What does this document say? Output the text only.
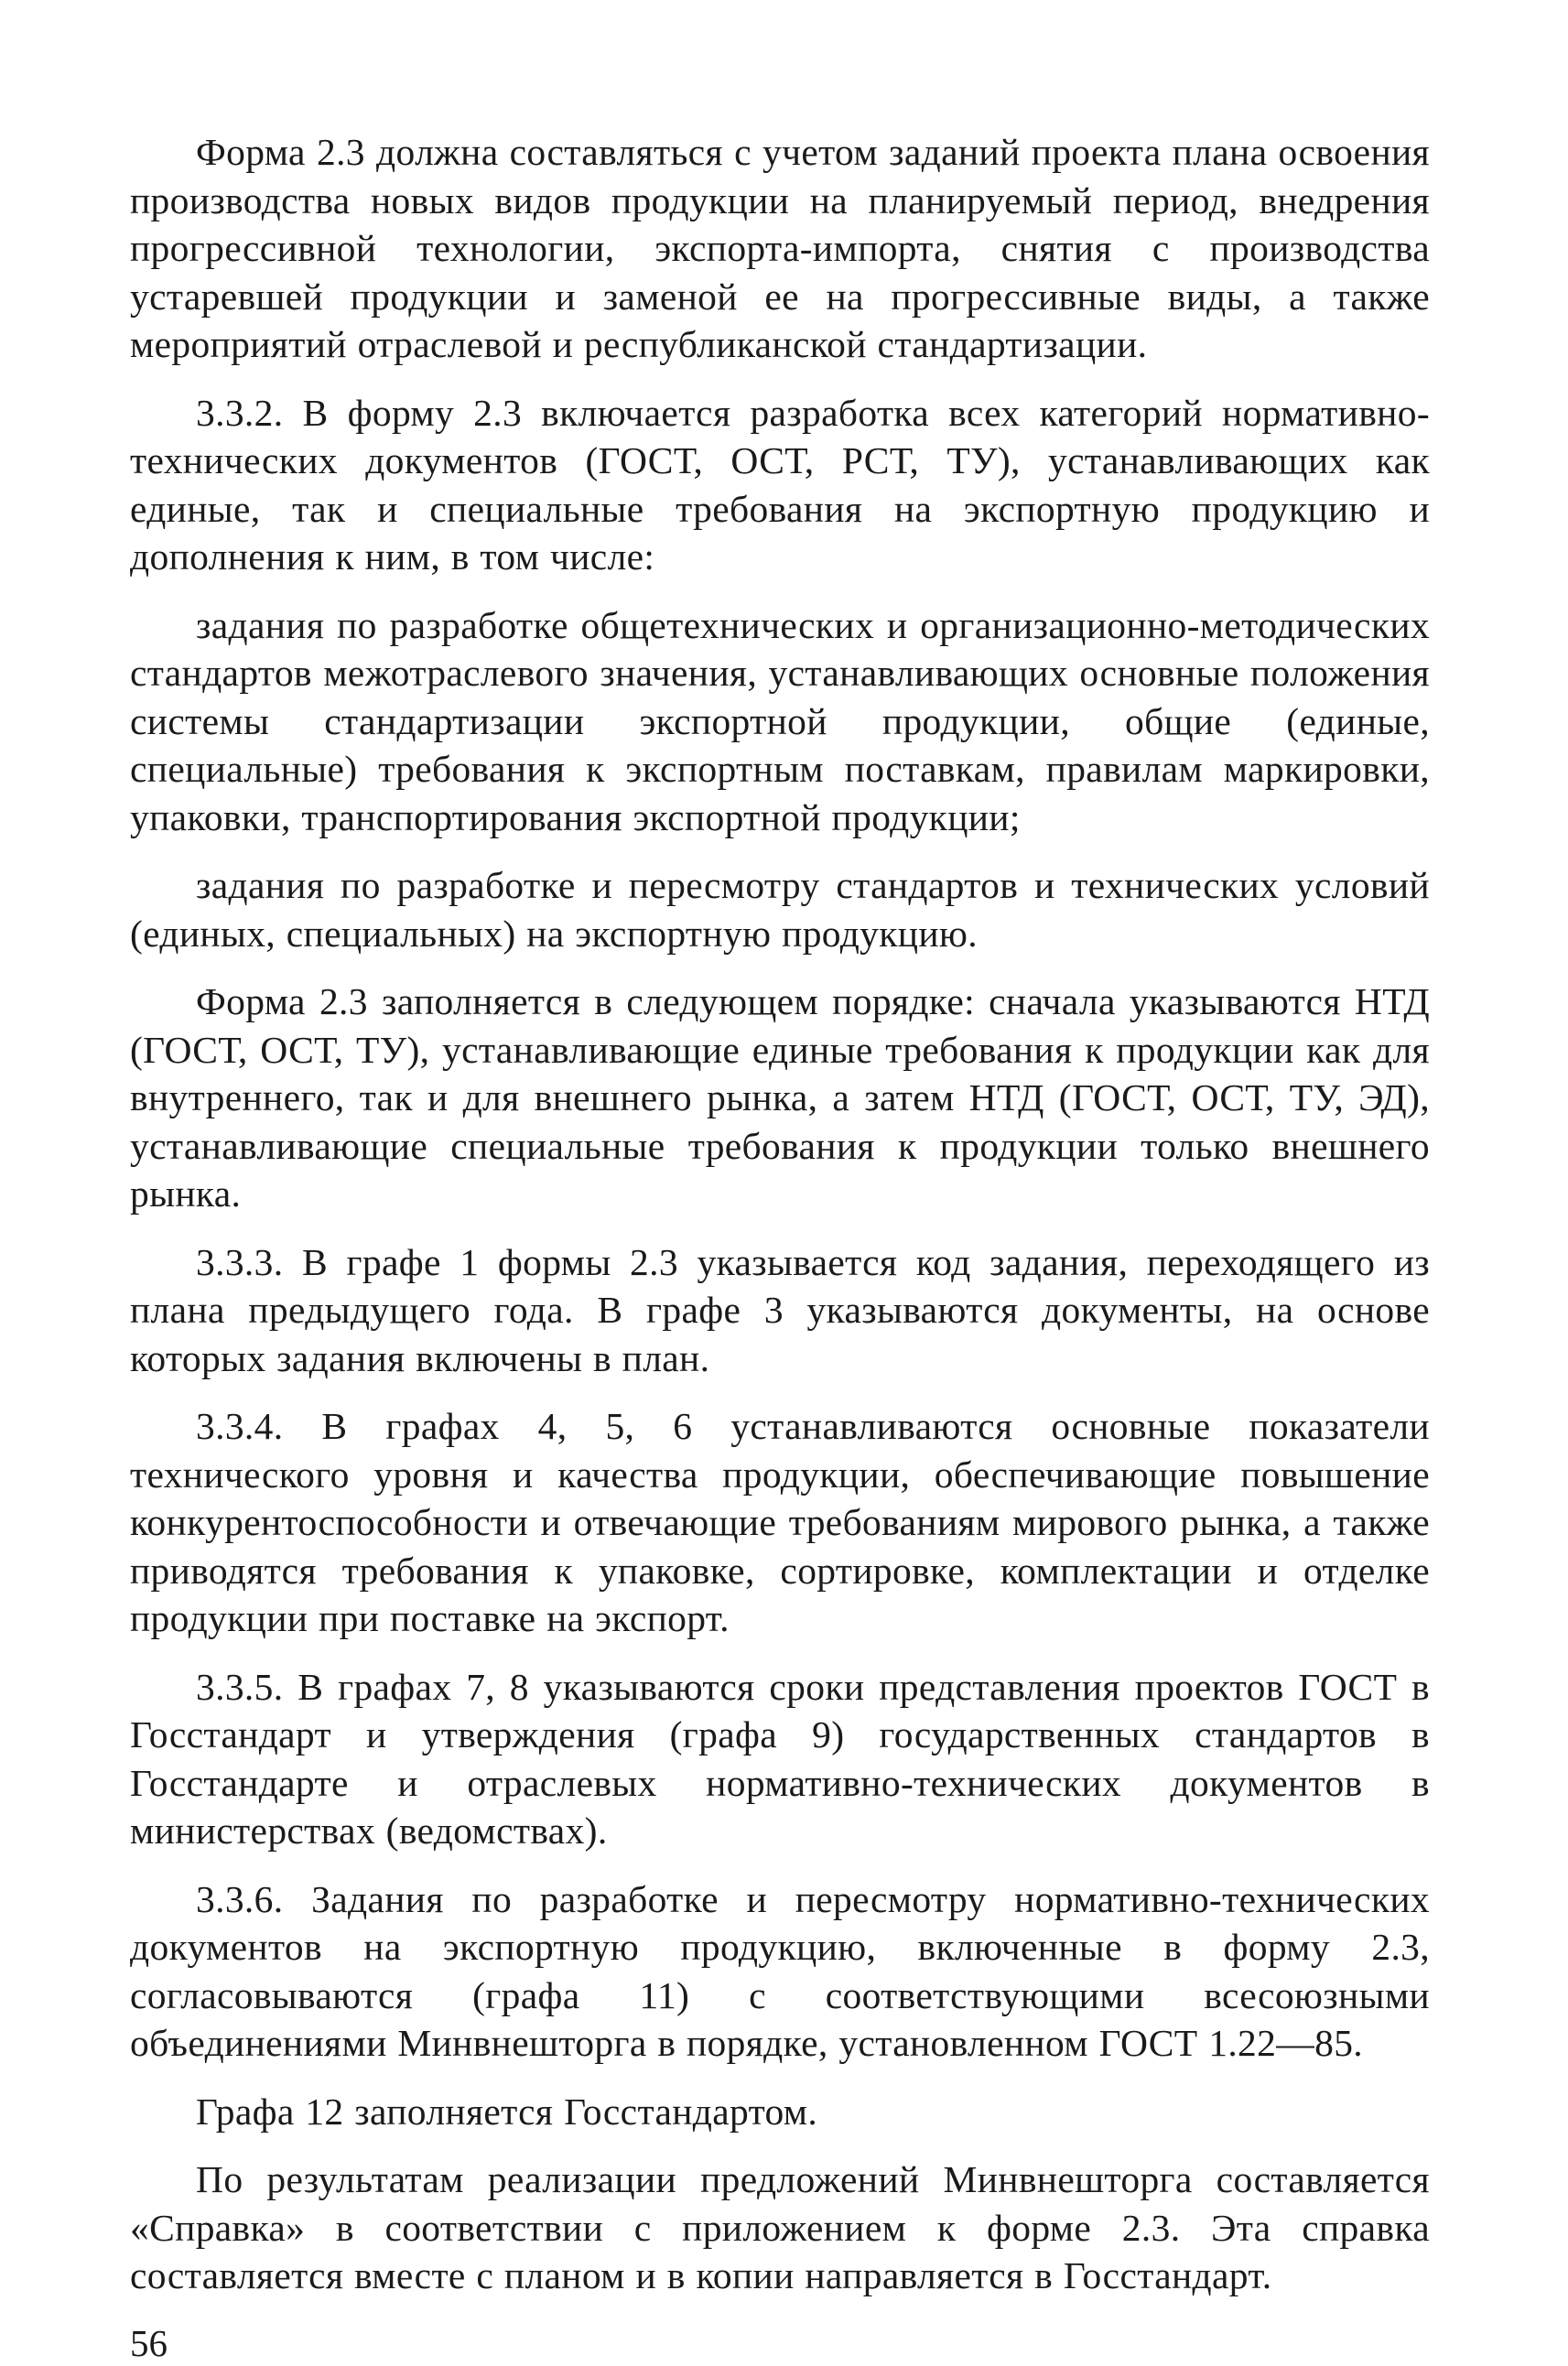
Форма 2.3 должна составляться с учетом заданий проекта плана освоения производства новых видов продукции на планируемый период, внедрения прогрессивной технологии, экспорта-импорта, снятия с производства устаревшей продукции и заменой ее на прогрессивные виды, а также мероприятий отраслевой и республиканской стандартизации.

3.3.2. В форму 2.3 включается разработка всех категорий нормативно-технических документов (ГОСТ, ОСТ, РСТ, ТУ), устанавливающих как единые, так и специальные требования на экспортную продукцию и дополнения к ним, в том числе:

задания по разработке общетехнических и организационно-методических стандартов межотраслевого значения, устанавливающих основные положения системы стандартизации экспортной продукции, общие (единые, специальные) требования к экспортным поставкам, правилам маркировки, упаковки, транспортирования экспортной продукции;

задания по разработке и пересмотру стандартов и технических условий (единых, специальных) на экспортную продукцию.

Форма 2.3 заполняется в следующем порядке: сначала указываются НТД (ГОСТ, ОСТ, ТУ), устанавливающие единые требования к продукции как для внутреннего, так и для внешнего рынка, а затем НТД (ГОСТ, ОСТ, ТУ, ЭД), устанавливающие специальные требования к продукции только внешнего рынка.

3.3.3. В графе 1 формы 2.3 указывается код задания, переходящего из плана предыдущего года. В графе 3 указываются документы, на основе которых задания включены в план.

3.3.4. В графах 4, 5, 6 устанавливаются основные показатели технического уровня и качества продукции, обеспечивающие повышение конкурентоспособности и отвечающие требованиям мирового рынка, а также приводятся требования к упаковке, сортировке, комплектации и отделке продукции при поставке на экспорт.

3.3.5. В графах 7, 8 указываются сроки представления проектов ГОСТ в Госстандарт и утверждения (графа 9) государственных стандартов в Госстандарте и отраслевых нормативно-технических документов в министерствах (ведомствах).

3.3.6. Задания по разработке и пересмотру нормативно-технических документов на экспортную продукцию, включенные в форму 2.3, согласовываются (графа 11) с соответствующими всесоюзными объединениями Минвнешторга в порядке, установленном ГОСТ 1.22—85.

Графа 12 заполняется Госстандартом.

По результатам реализации предложений Минвнешторга составляется «Справка» в соответствии с приложением к форме 2.3. Эта справка составляется вместе с планом и в копии направляется в Госстандарт.

56
